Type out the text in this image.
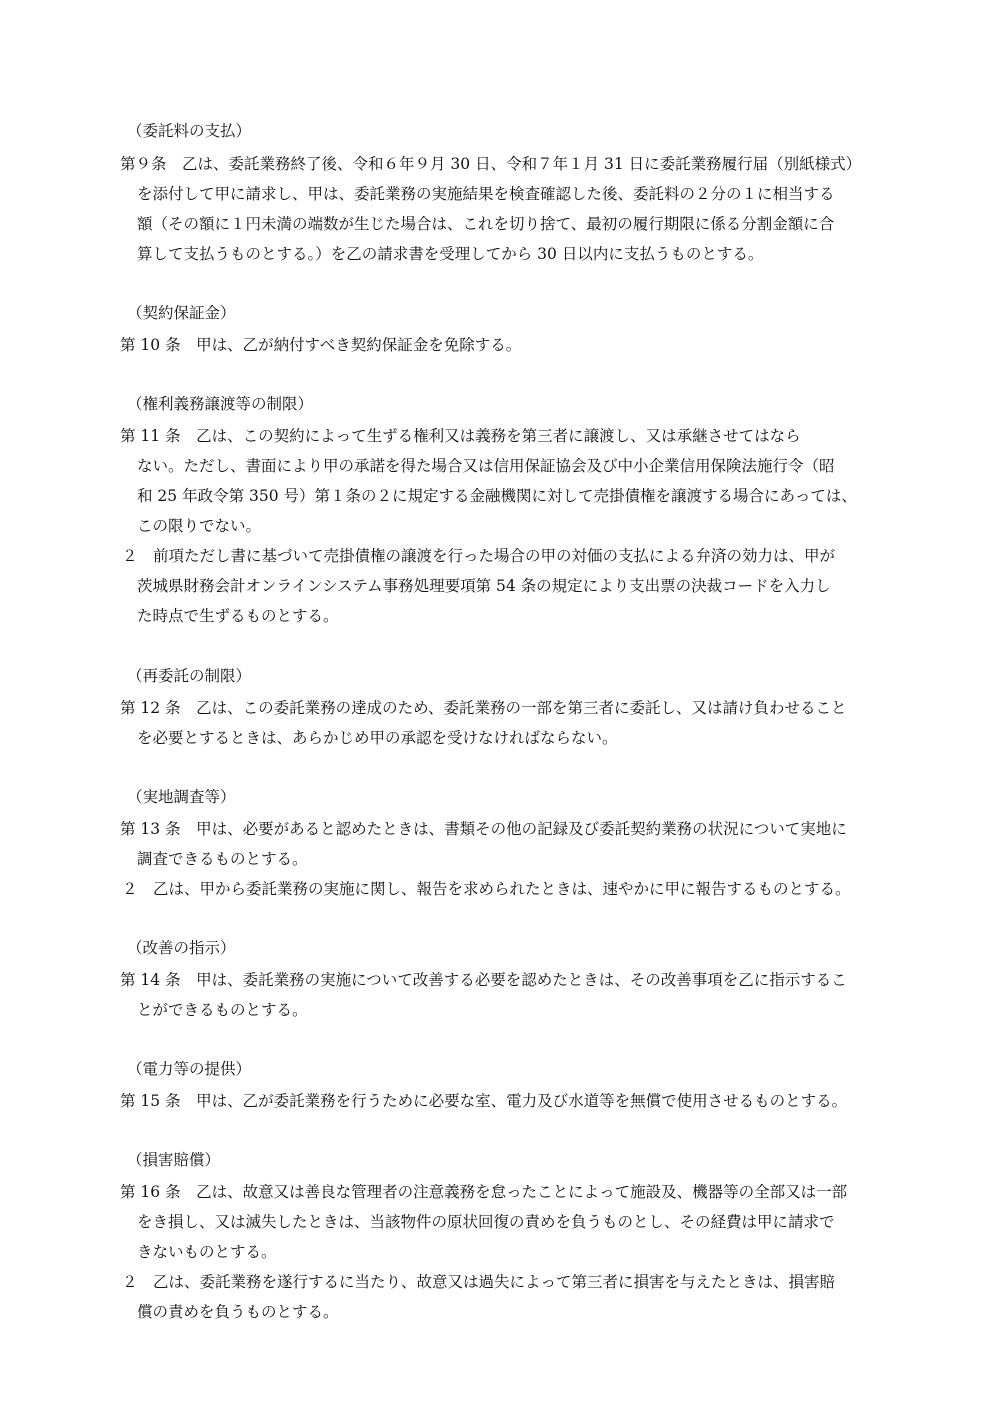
（委託料の支払）
第９条　乙は、委託業務終了後、令和６年９月 30 日、令和７年１月 31 日に委託業務履行届（別紙様式）
を添付して甲に請求し、甲は、委託業務の実施結果を検査確認した後、委託料の２分の１に相当する
額（その額に１円未満の端数が生じた場合は、これを切り捨て、最初の履行期限に係る分割金額に合
算して支払うものとする。）を乙の請求書を受理してから 30 日以内に支払うものとする。
（契約保証金）
第 10 条　甲は、乙が納付すべき契約保証金を免除する。
（権利義務譲渡等の制限）
第 11 条　乙は、この契約によって生ずる権利又は義務を第三者に譲渡し、又は承継させてはなら
ない。ただし、書面により甲の承諾を得た場合又は信用保証協会及び中小企業信用保険法施行令（昭
和 25 年政令第 350 号）第１条の２に規定する金融機関に対して売掛債権を譲渡する場合にあっては、
この限りでない。
２　前項ただし書に基づいて売掛債権の譲渡を行った場合の甲の対価の支払による弁済の効力は、甲が
茨城県財務会計オンラインシステム事務処理要項第 54 条の規定により支出票の決裁コードを入力し
た時点で生ずるものとする。
（再委託の制限）
第 12 条　乙は、この委託業務の達成のため、委託業務の一部を第三者に委託し、又は請け負わせること
を必要とするときは、あらかじめ甲の承認を受けなければならない。
（実地調査等）
第 13 条　甲は、必要があると認めたときは、書類その他の記録及び委託契約業務の状況について実地に
調査できるものとする。
２　乙は、甲から委託業務の実施に関し、報告を求められたときは、速やかに甲に報告するものとする。
（改善の指示）
第 14 条　甲は、委託業務の実施について改善する必要を認めたときは、その改善事項を乙に指示するこ
とができるものとする。
（電力等の提供）
第 15 条　甲は、乙が委託業務を行うために必要な室、電力及び水道等を無償で使用させるものとする。
（損害賠償）
第 16 条　乙は、故意又は善良な管理者の注意義務を怠ったことによって施設及、機器等の全部又は一部
をき損し、又は滅失したときは、当該物件の原状回復の責めを負うものとし、その経費は甲に請求で
きないものとする。
２　乙は、委託業務を遂行するに当たり、故意又は過失によって第三者に損害を与えたときは、損害賠
償の責めを負うものとする。
